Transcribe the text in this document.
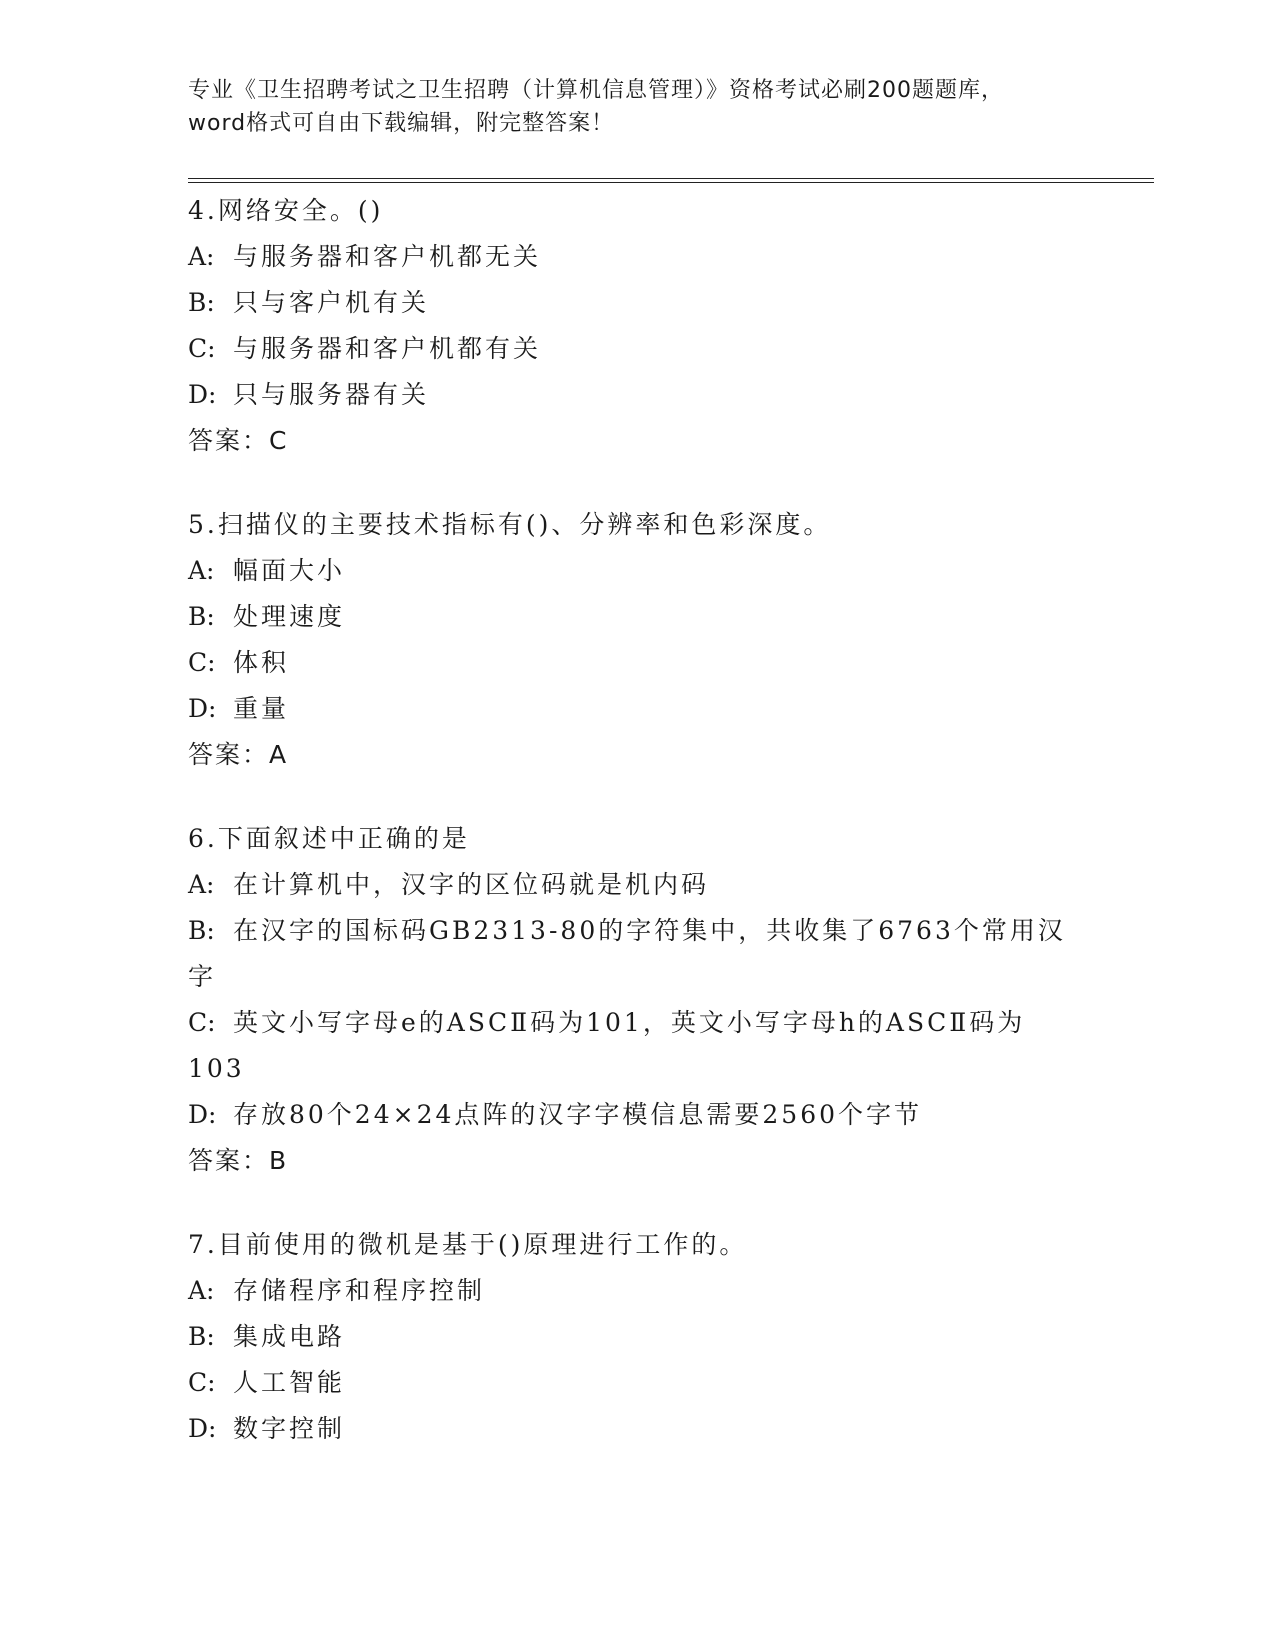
专业《卫生招聘考试之卫生招聘（计算机信息管理）》资格考试必刷200题题库，
word格式可自由下载编辑，附完整答案！
4.网络安全。()
A: 与服务器和客户机都无关
B: 只与客户机有关
C: 与服务器和客户机都有关
D: 只与服务器有关
答案：C
5.扫描仪的主要技术指标有()、分辨率和色彩深度。
A: 幅面大小
B: 处理速度
C: 体积
D: 重量
答案：A
6.下面叙述中正确的是
A: 在计算机中，汉字的区位码就是机内码
B: 在汉字的国标码GB2313-80的字符集中，共收集了6763个常用汉字
C: 英文小写字母e的ASCⅡ码为101，英文小写字母h的ASCⅡ码为103
D: 存放80个24×24点阵的汉字字模信息需要2560个字节
答案：B
7.目前使用的微机是基于()原理进行工作的。
A: 存储程序和程序控制
B: 集成电路
C: 人工智能
D: 数字控制
